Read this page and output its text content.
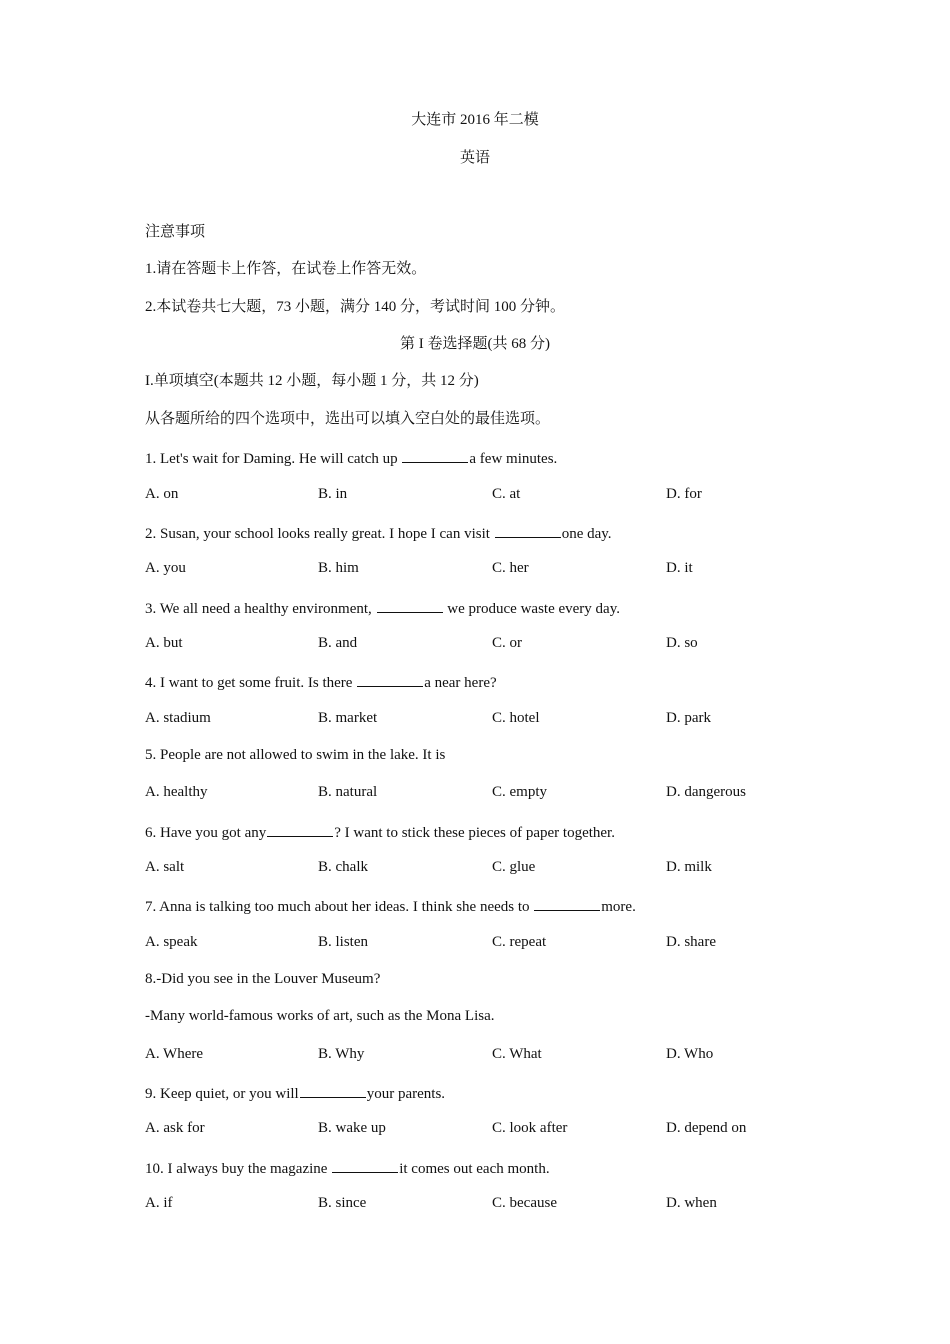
大连市 2016 年二模
英语
注意事项
1.请在答题卡上作答，在试卷上作答无效。
2.本试卷共七大题，73 小题，满分 140 分，考试时间 100 分钟。
第 I 卷选择题(共 68 分)
I.单项填空(本题共 12 小题，每小题 1 分，共 12 分)
从各题所给的四个选项中，选出可以填入空白处的最佳选项。
1. Let's wait for Daming. He will catch up	a few minutes.
A. on	B. in	C. at	D. for
2. Susan, your school looks really great. I hope I can visit	one day.
A. you	B. him	C. her	D. it
3. We all need a healthy environment,	we produce waste every day.
A. but	B. and	C. or	D. so
4. I want to get some fruit. Is there	a near here?
A. stadium	B. market	C. hotel	D. park
5. People are not allowed to swim in the lake. It is
A. healthy	B. natural	C. empty	D. dangerous
6. Have you got any	? I want to stick these pieces of paper together.
A. salt	B. chalk	C. glue	D. milk
7. Anna is talking too much about her ideas. I think she needs to	more.
A. speak	B. listen	C. repeat	D. share
8.-Did you see in the Louver Museum?
-Many world-famous works of art, such as the Mona Lisa.
A. Where	B. Why	C. What	D. Who
9. Keep quiet, or you will	your parents.
A. ask for	B. wake up	C. look after	D. depend on
10. I always buy the magazine	it comes out each month.
A. if	B. since	C. because	D. when
